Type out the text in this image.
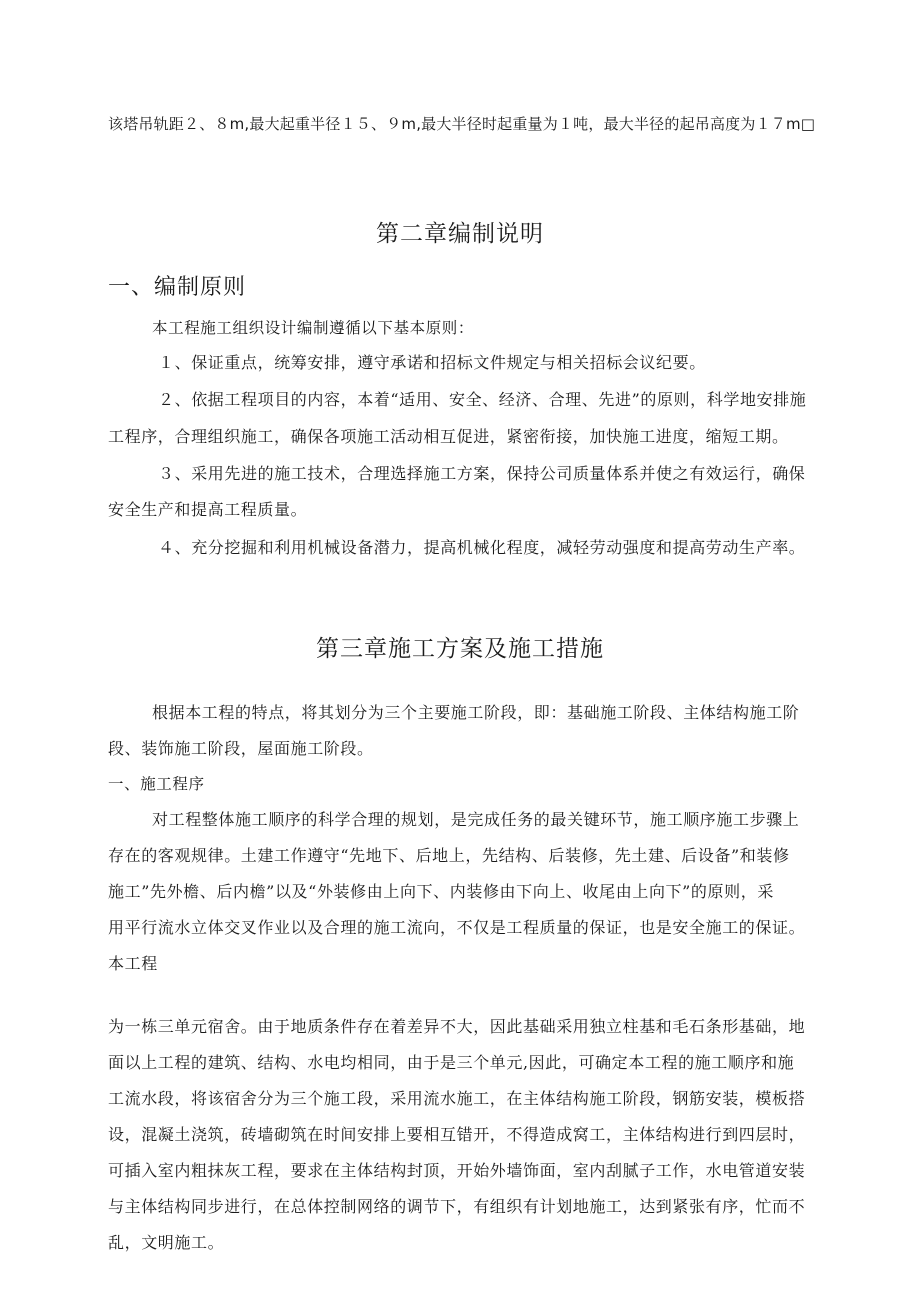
该塔吊轨距２、８m,最大起重半径１５、９m,最大半径时起重量为１吨，最大半径的起吊高度为１７m□
第二章编制说明
一、编制原则
本工程施工组织设计编制遵循以下基本原则：
１、保证重点，统筹安排，遵守承诺和招标文件规定与相关招标会议纪要。
２、依据工程项目的内容，本着“适用、安全、经济、合理、先进”的原则，科学地安排施
工程序，合理组织施工，确保各项施工活动相互促进，紧密衔接，加快施工进度，缩短工期。
３、采用先进的施工技术，合理选择施工方案，保持公司质量体系并使之有效运行，确保
安全生产和提高工程质量。
４、充分挖掘和利用机械设备潜力，提高机械化程度，减轻劳动强度和提高劳动生产率。
第三章施工方案及施工措施
根据本工程的特点，将其划分为三个主要施工阶段，即：基础施工阶段、主体结构施工阶
段、装饰施工阶段，屋面施工阶段。
一、施工程序
对工程整体施工顺序的科学合理的规划，是完成任务的最关键环节，施工顺序施工步骤上
存在的客观规律。土建工作遵守“先地下、后地上，先结构、后装修，先土建、后设备”和装修
施工”先外檐、后内檐”以及“外装修由上向下、内装修由下向上、收尾由上向下”的原则，采
用平行流水立体交叉作业以及合理的施工流向，不仅是工程质量的保证，也是安全施工的保证。
本工程
为一栋三单元宿舍。由于地质条件存在着差异不大，因此基础采用独立柱基和毛石条形基础，地
面以上工程的建筑、结构、水电均相同，由于是三个单元,因此，可确定本工程的施工顺序和施
工流水段，将该宿舍分为三个施工段，采用流水施工，在主体结构施工阶段，钢筋安装，模板搭
设，混凝土浇筑，砖墙砌筑在时间安排上要相互错开，不得造成窝工，主体结构进行到四层时，
可插入室内粗抹灰工程，要求在主体结构封顶，开始外墙饰面，室内刮腻子工作，水电管道安装
与主体结构同步进行，在总体控制网络的调节下，有组织有计划地施工，达到紧张有序，忙而不
乱，文明施工。
